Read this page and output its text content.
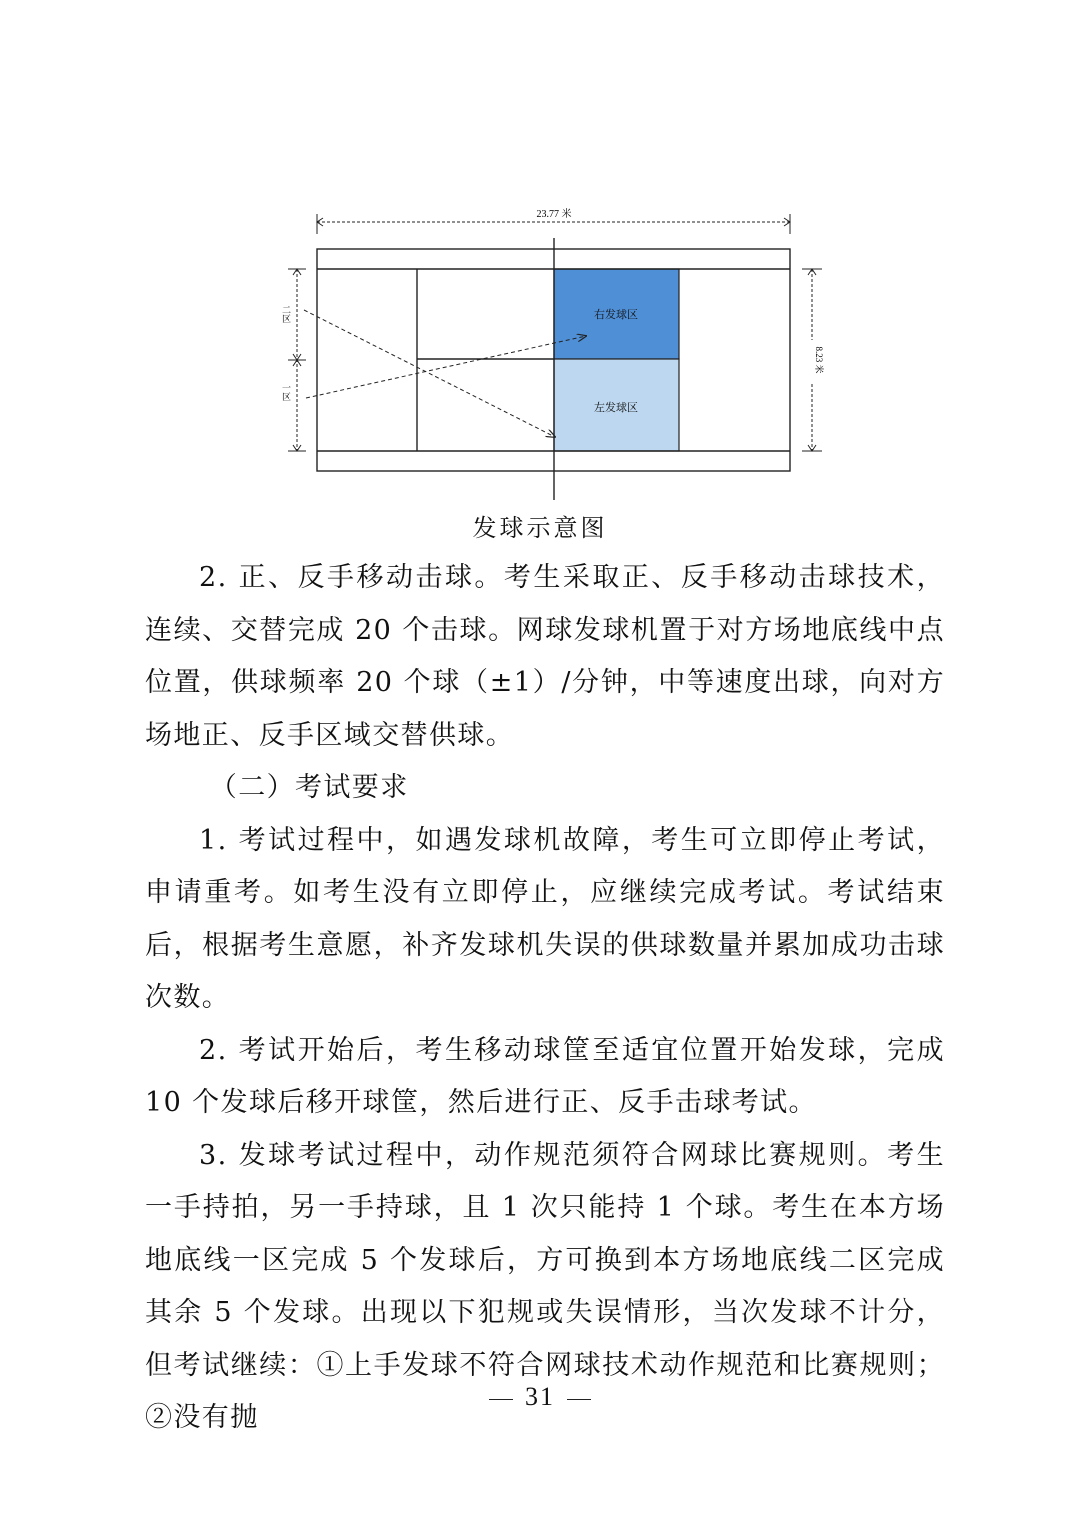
23.77 米
右发球区
左发球区
二区
一区
8.23 米
发球示意图

2. 正、反手移动击球。考生采取正、反手移动击球技术，连续、交替完成 20 个击球。网球发球机置于对方场地底线中点位置，供球频率 20 个球（±1）/分钟，中等速度出球，向对方场地正、反手区域交替供球。

（二）考试要求

1. 考试过程中，如遇发球机故障，考生可立即停止考试，申请重考。如考生没有立即停止，应继续完成考试。考试结束后，根据考生意愿，补齐发球机失误的供球数量并累加成功击球次数。

2. 考试开始后，考生移动球筐至适宜位置开始发球，完成 10 个发球后移开球筐，然后进行正、反手击球考试。

3. 发球考试过程中，动作规范须符合网球比赛规则。考生一手持拍，另一手持球，且 1 次只能持 1 个球。考生在本方场地底线一区完成 5 个发球后，方可换到本方场地底线二区完成其余 5 个发球。出现以下犯规或失误情形，当次发球不计分，但考试继续：①上手发球不符合网球技术动作规范和比赛规则；②没有抛

31
